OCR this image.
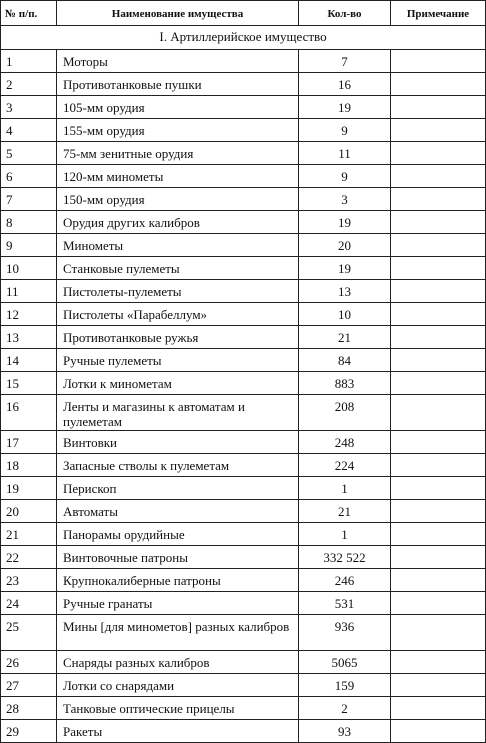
№ п/п.	Наименование имущества	Кол-во	Примечание
I. Артиллерийское имущество			
1	Моторы	7	
2	Противотанковые пушки	16	
3	105-мм орудия	19	
4	155-мм орудия	9	
5	75-мм зенитные орудия	11	
6	120-мм минометы	9	
7	150-мм орудия	3	
8	Орудия других калибров	19	
9	Минометы	20	
10	Станковые пулеметы	19	
11	Пистолеты-пулеметы	13	
12	Пистолеты «Парабеллум»	10	
13	Противотанковые ружья	21	
14	Ручные пулеметы	84	
15	Лотки к минометам	883	
16	Ленты и магазины к автоматам и пулеметам	208	
17	Винтовки	248	
18	Запасные стволы к пулеметам	224	
19	Перископ	1	
20	Автоматы	21	
21	Панорамы орудийные	1	
22	Винтовочные патроны	332 522	
23	Крупнокалиберные патроны	246	
24	Ручные гранаты	531	
25	Мины [для минометов] разных калибров	936	
26	Снаряды разных калибров	5065	
27	Лотки со снарядами	159	
28	Танковые оптические прицелы	2	
29	Ракеты	93	
